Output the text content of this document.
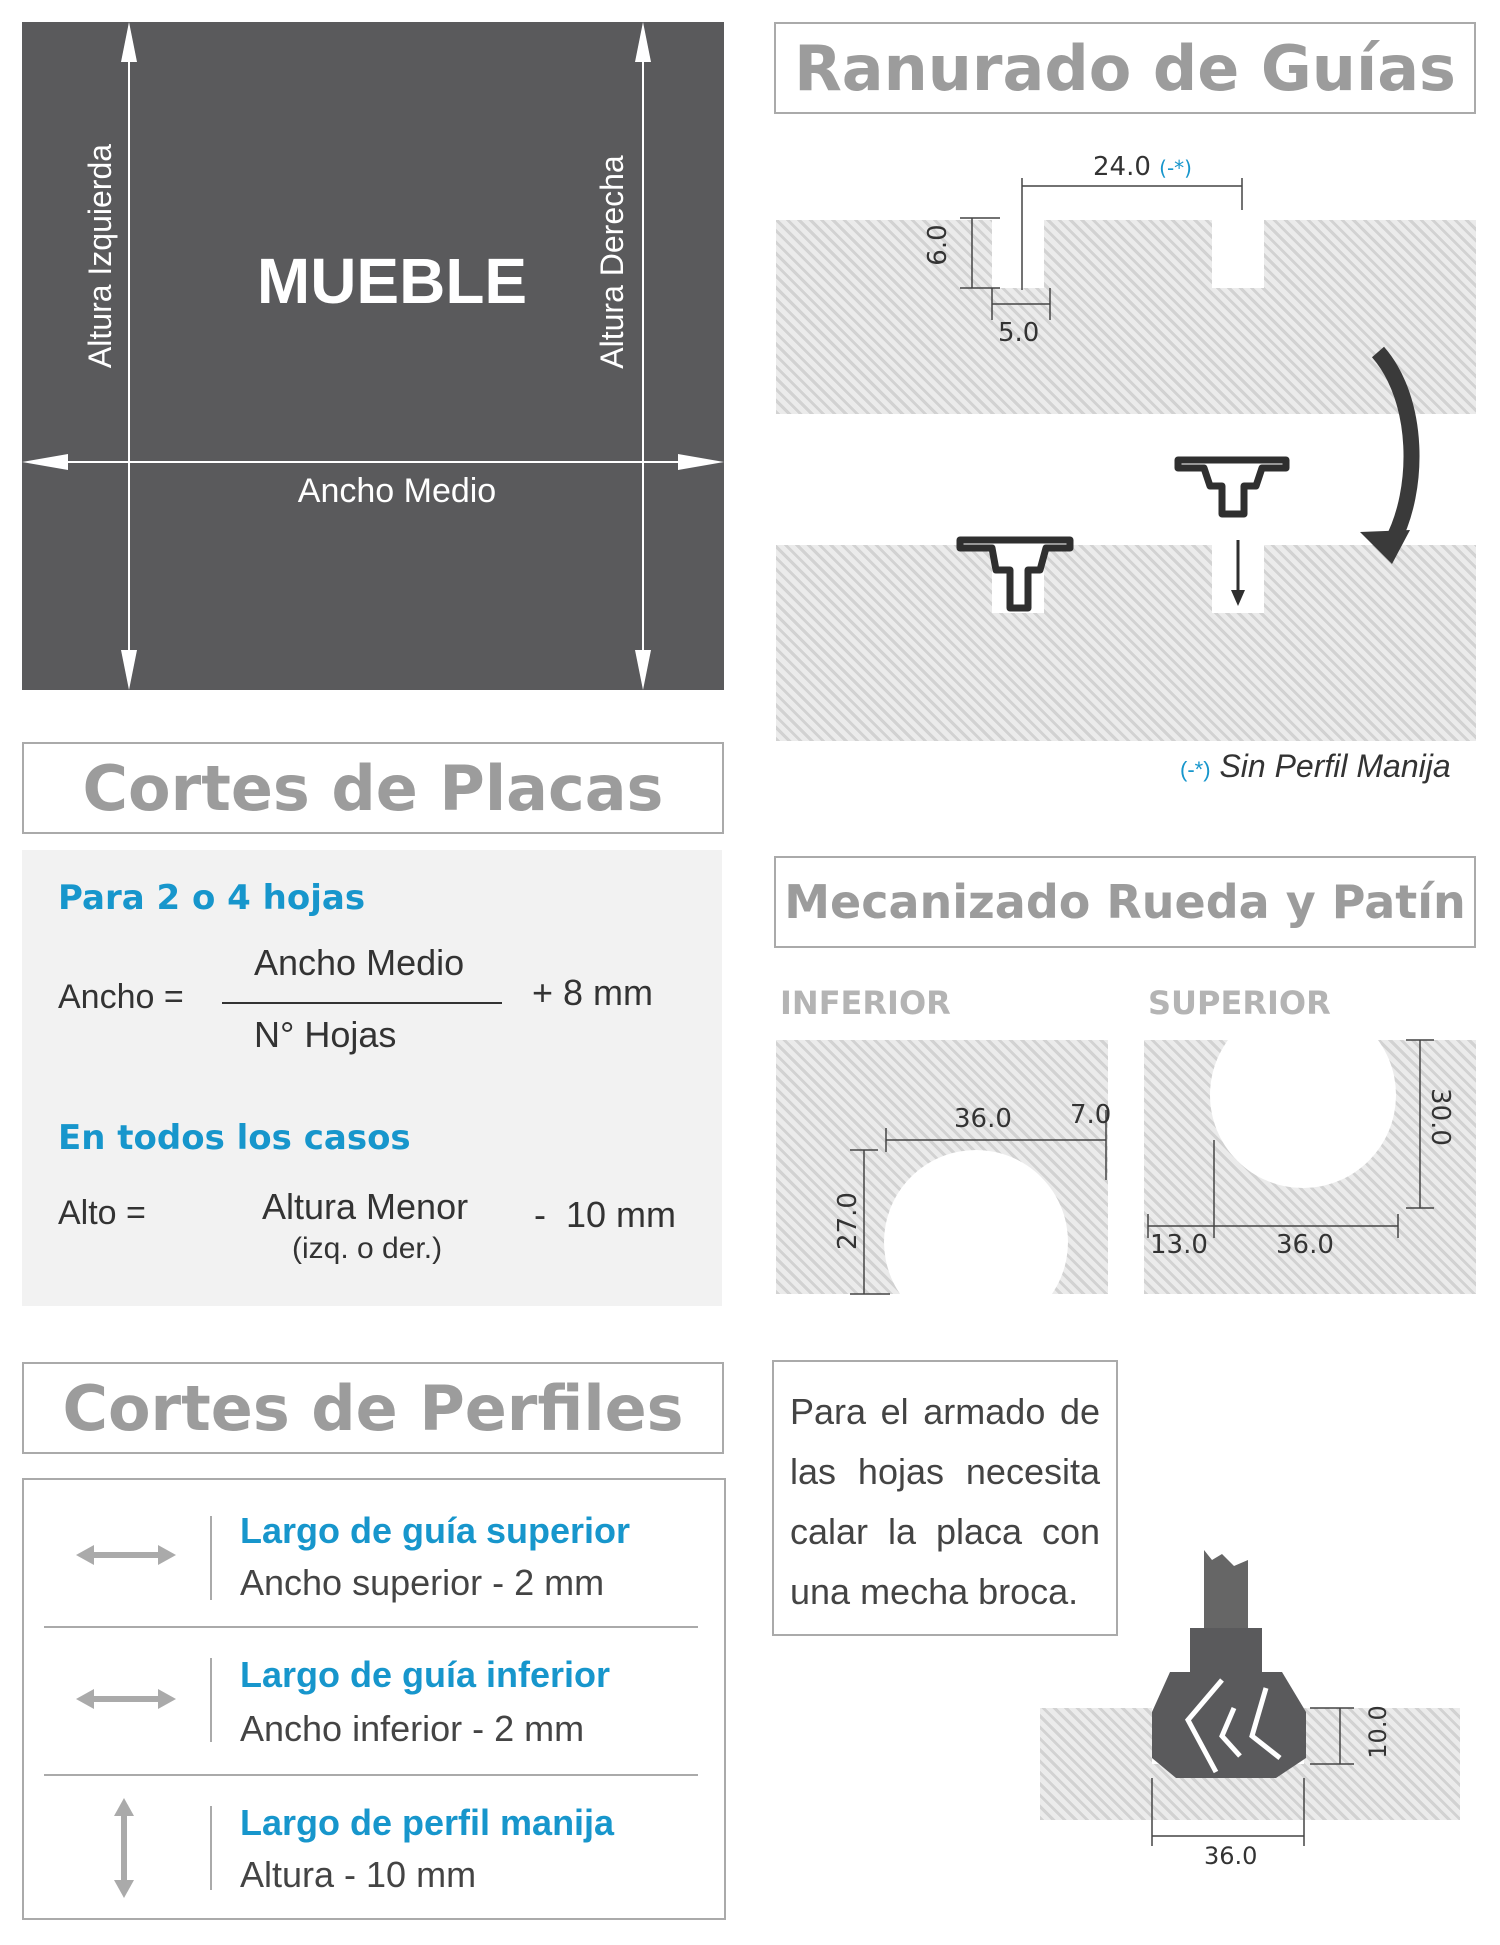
MUEBLE
Altura Izquierda	Altura Derecha
Ancho Medio
Ranurado de Guías
24.0 (-*)
6.0
5.0
(-*) Sin Perfil Manija
Cortes de Placas
Para 2 o 4 hojas
Ancho =
Ancho Medio
N° Hojas
+ 8 mm
En todos los casos
Alto =	Altura Menor
(izq. o der.)
-  10 mm
Mecanizado Rueda y Patín
INFERIOR	SUPERIOR
36.0 7.0
27.0
30.0
13.0	36.0
Cortes de Perfiles
Largo de guía superior
Ancho superior - 2 mm
Largo de guía inferior
Ancho inferior - 2 mm
Largo de perfil manija
Altura - 10 mm
Para el armado de
las hojas necesita
calar la placa con
una mecha broca.
10.0
36.0
